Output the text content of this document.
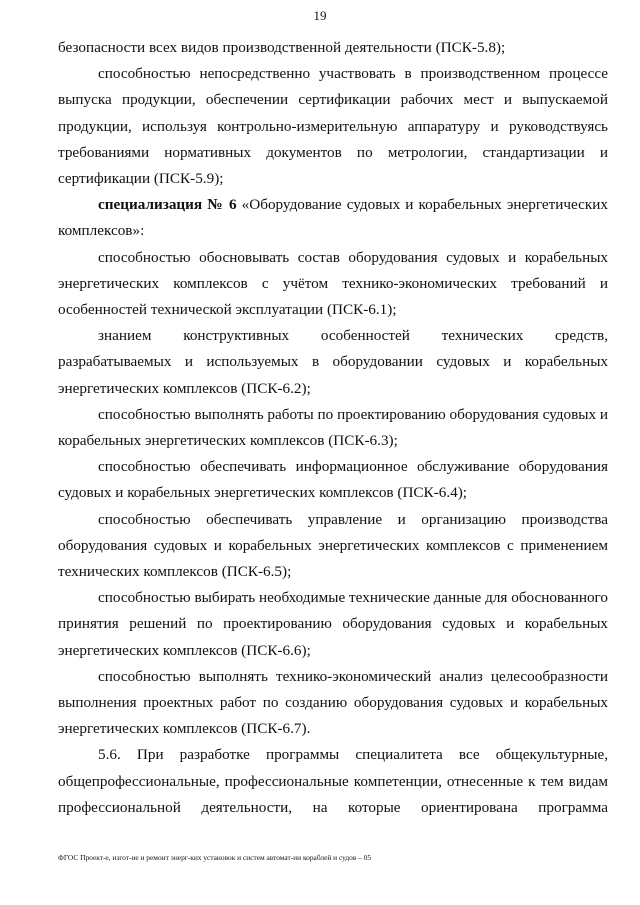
19

безопасности всех видов производственной деятельности (ПСК-5.8);

способностью непосредственно участвовать в производственном процессе выпуска продукции, обеспечении сертификации рабочих мест и выпускаемой продукции, используя контрольно-измерительную аппаратуру и руководствуясь требованиями нормативных документов по метрологии, стандартизации и сертификации (ПСК-5.9);

специализация № 6 «Оборудование судовых и корабельных энергетических комплексов»:

способностью обосновывать состав оборудования судовых и корабельных энергетических комплексов с учётом технико-экономических требований и особенностей технической эксплуатации (ПСК-6.1);

знанием конструктивных особенностей технических средств, разрабатываемых и используемых в оборудовании судовых и корабельных энергетических комплексов (ПСК-6.2);

способностью выполнять работы по проектированию оборудования судовых и корабельных энергетических комплексов (ПСК-6.3);

способностью обеспечивать информационное обслуживание оборудования судовых и корабельных энергетических комплексов (ПСК-6.4);

способностью обеспечивать управление и организацию производства оборудования судовых и корабельных энергетических комплексов с применением технических комплексов (ПСК-6.5);

способностью выбирать необходимые технические данные для обоснованного принятия решений по проектированию оборудования судовых и корабельных энергетических комплексов (ПСК-6.6);

способностью выполнять технико-экономический анализ целесообразности выполнения проектных работ по созданию оборудования судовых и корабельных энергетических комплексов (ПСК-6.7).

5.6. При разработке программы специалитета все общекультурные, общепрофессиональные, профессиональные компетенции, отнесенные к тем видам профессиональной деятельности, на которые ориентирована программа

ФГОС Проект-е, изгот-ие и ремонт энерг-ких установок и систем автомат-ии кораблей и судов – 05
